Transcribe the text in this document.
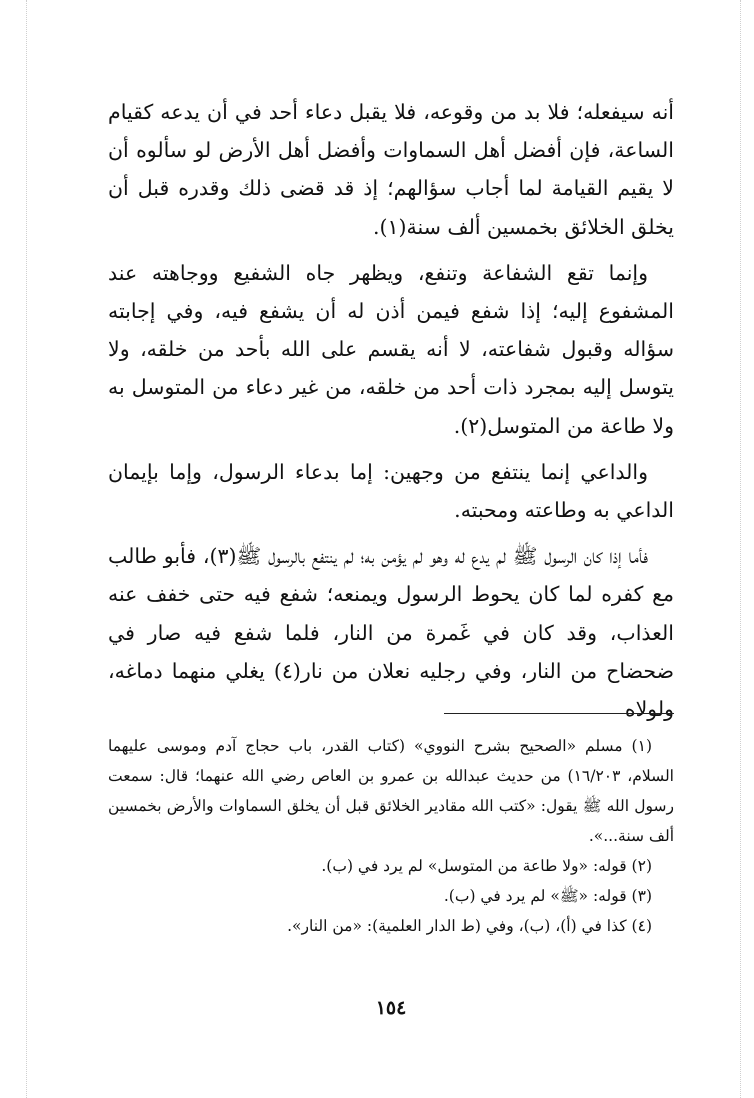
أنه سيفعله؛ فلا بد من وقوعه، فلا يقبل دعاء أحد في أن يدعه كقيام الساعة، فإن أفضل أهل السماوات وأفضل أهل الأرض لو سألوه أن لا يقيم القيامة لما أجاب سؤالهم؛ إذ قد قضى ذلك وقدره قبل أن يخلق الخلائق بخمسين ألف سنة(١).

وإنما تقع الشفاعة وتنفع، ويظهر جاه الشفيع ووجاهته عند المشفوع إليه؛ إذا شفع فيمن أذن له أن يشفع فيه، وفي إجابته سؤاله وقبول شفاعته، لا أنه يقسم على الله بأحد من خلقه، ولا يتوسل إليه بمجرد ذات أحد من خلقه، من غير دعاء من المتوسل به ولا طاعة من المتوسل(٢).

والداعي إنما ينتفع من وجهين: إما بدعاء الرسول، وإما بإيمان الداعي به وطاعته ومحبته.

فأما إذا كان الرسول ﷺ لم يدع له وهو لم يؤمن به؛ لم ينتفع بالرسول ﷺ(٣)، فأبو طالب مع كفره لما كان يحوط الرسول ويمنعه؛ شفع فيه حتى خفف عنه العذاب، وقد كان في غَمرة من النار، فلما شفع فيه صار في ضحضاح من النار، وفي رجليه نعلان من نار(٤) يغلي منهما دماغه، ولولاه

(١) مسلم «الصحيح بشرح النووي» (كتاب القدر، باب حجاج آدم وموسى عليهما السلام، ١٦/٢٠٣) من حديث عبدالله بن عمرو بن العاص رضي الله عنهما؛ قال: سمعت رسول الله ﷺ يقول: «كتب الله مقادير الخلائق قبل أن يخلق السماوات والأرض بخمسين ألف سنة...».

(٢) قوله: «ولا طاعة من المتوسل» لم يرد في (ب).

(٣) قوله: «ﷺ» لم يرد في (ب).

(٤) كذا في (أ)، (ب)، وفي (ط الدار العلمية): «من النار».

١٥٤
